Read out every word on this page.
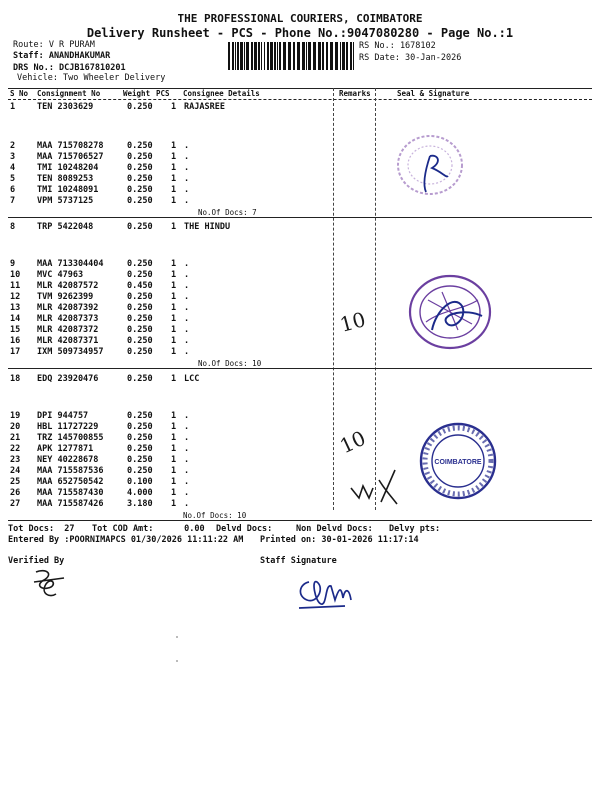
THE PROFESSIONAL COURIERS, COIMBATORE
Delivery Runsheet - PCS - Phone No.:9047080280 - Page No.:1
Route: V R PURAM
Staff: ANANDHAKUMAR
DRS No.: DCJB167810201
Vehicle: Two Wheeler Delivery
RS No.: 1678102
RS Date: 30-Jan-2026
S No Consignment No	Weight PCS Consignee Details	Remarks	Seal & Signature
1	TEN 2303629	0.250 1 RAJASREE
2	MAA 715708278	0.250 1 .
3	MAA 715706527	0.250 1 .
4	TMI 10248204	0.250 1 .
5	TEN 8089253	0.250 1 .
6	TMI 10248091	0.250 1 .
7	VPM 5737125	0.250 1 .
No.Of Docs: 7
8	TRP 5422048	0.250 1 THE HINDU
9	MAA 713304404	0.250 1 .
10 MVC 47963	0.250 1 .
11 MLR 42087572	0.450 1 .
12 TVM 9262399	0.250 1 .
13 MLR 42087392	0.250 1 .
14 MLR 42087373	0.250 1 .
15 MLR 42087372	0.250 1 .
16 MLR 42087371	0.250 1 .
17 IXM 509734957	0.250 1 .
No.Of Docs: 10
18 EDQ 23920476	0.250 1 LCC
19 DPI 944757	0.250 1 .
20 HBL 11727229	0.250 1 .
21 TRZ 145700855	0.250 1 .
22 APK 1277871	0.250 1 .
23 NEY 40228678	0.250 1 .
24 MAA 715587536	0.250 1 .
25 MAA 652750542	0.100 1 .
26 MAA 715587430	4.000 1 .
27 MAA 715587426	3.180 1 .
No.Of Docs: 10
Tot Docs:  27 Tot COD Amt:      0.00 Delvd Docs:	Non Delvd Docs: Delvy pts:
Entered By :POORNIMAPCS 01/30/2026 11:11:22 AM Printed on: 30-01-2026 11:17:14
Verified By	Staff Signature
10
10
COIMBATORE
